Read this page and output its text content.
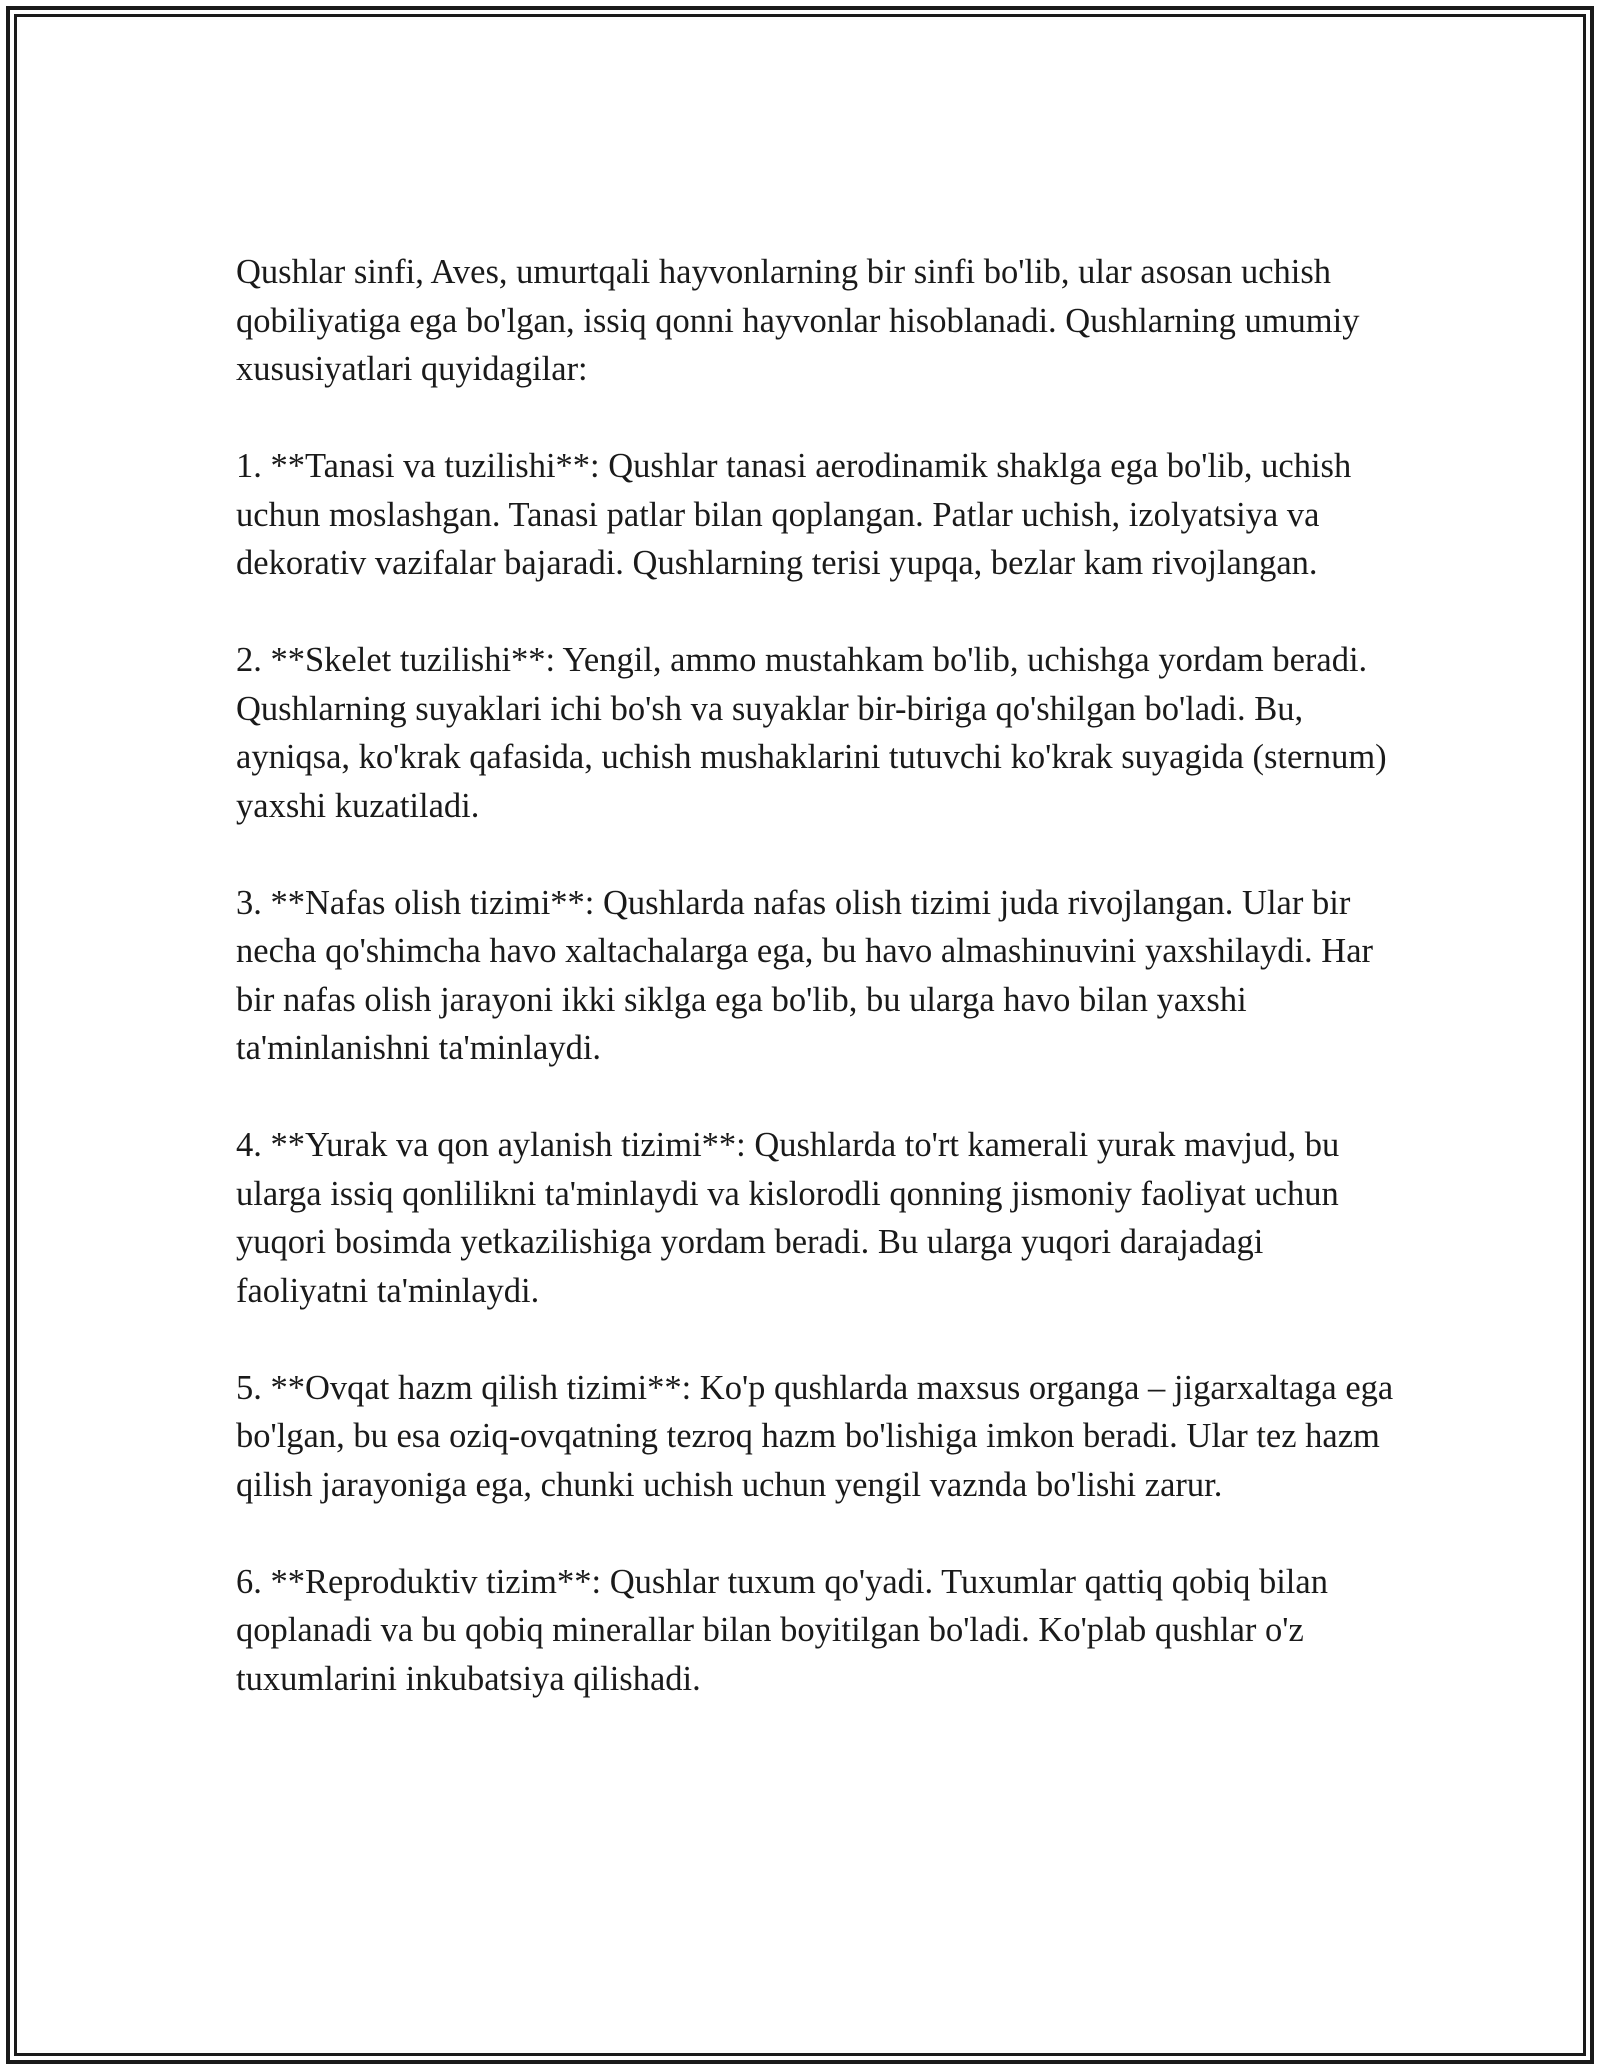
Qushlar sinfi, Aves, umurtqali hayvonlarning bir sinfi bo'lib, ular asosan uchish qobiliyatiga ega bo'lgan, issiq qonni hayvonlar hisoblanadi. Qushlarning umumiy xususiyatlari quyidagilar:

1. **Tanasi va tuzilishi**: Qushlar tanasi aerodinamik shaklga ega bo'lib, uchish uchun moslashgan. Tanasi patlar bilan qoplangan. Patlar uchish, izolyatsiya va dekorativ vazifalar bajaradi. Qushlarning terisi yupqa, bezlar kam rivojlangan.

2. **Skelet tuzilishi**: Yengil, ammo mustahkam bo'lib, uchishga yordam beradi. Qushlarning suyaklari ichi bo'sh va suyaklar bir-biriga qo'shilgan bo'ladi. Bu, ayniqsa, ko'krak qafasida, uchish mushaklarini tutuvchi ko'krak suyagida (sternum) yaxshi kuzatiladi.

3. **Nafas olish tizimi**: Qushlarda nafas olish tizimi juda rivojlangan. Ular bir necha qo'shimcha havo xaltachalarga ega, bu havo almashinuvini yaxshilaydi. Har bir nafas olish jarayoni ikki siklga ega bo'lib, bu ularga havo bilan yaxshi ta'minlanishni ta'minlaydi.

4. **Yurak va qon aylanish tizimi**: Qushlarda to'rt kamerali yurak mavjud, bu ularga issiq qonlilikni ta'minlaydi va kislorodli qonning jismoniy faoliyat uchun yuqori bosimda yetkazilishiga yordam beradi. Bu ularga yuqori darajadagi faoliyatni ta'minlaydi.

5. **Ovqat hazm qilish tizimi**: Ko'p qushlarda maxsus organga – jigarxaltaga ega bo'lgan, bu esa oziq-ovqatning tezroq hazm bo'lishiga imkon beradi. Ular tez hazm qilish jarayoniga ega, chunki uchish uchun yengil vaznda bo'lishi zarur.

6. **Reproduktiv tizim**: Qushlar tuxum qo'yadi. Tuxumlar qattiq qobiq bilan qoplanadi va bu qobiq minerallar bilan boyitilgan bo'ladi. Ko'plab qushlar o'z tuxumlarini inkubatsiya qilishadi.
